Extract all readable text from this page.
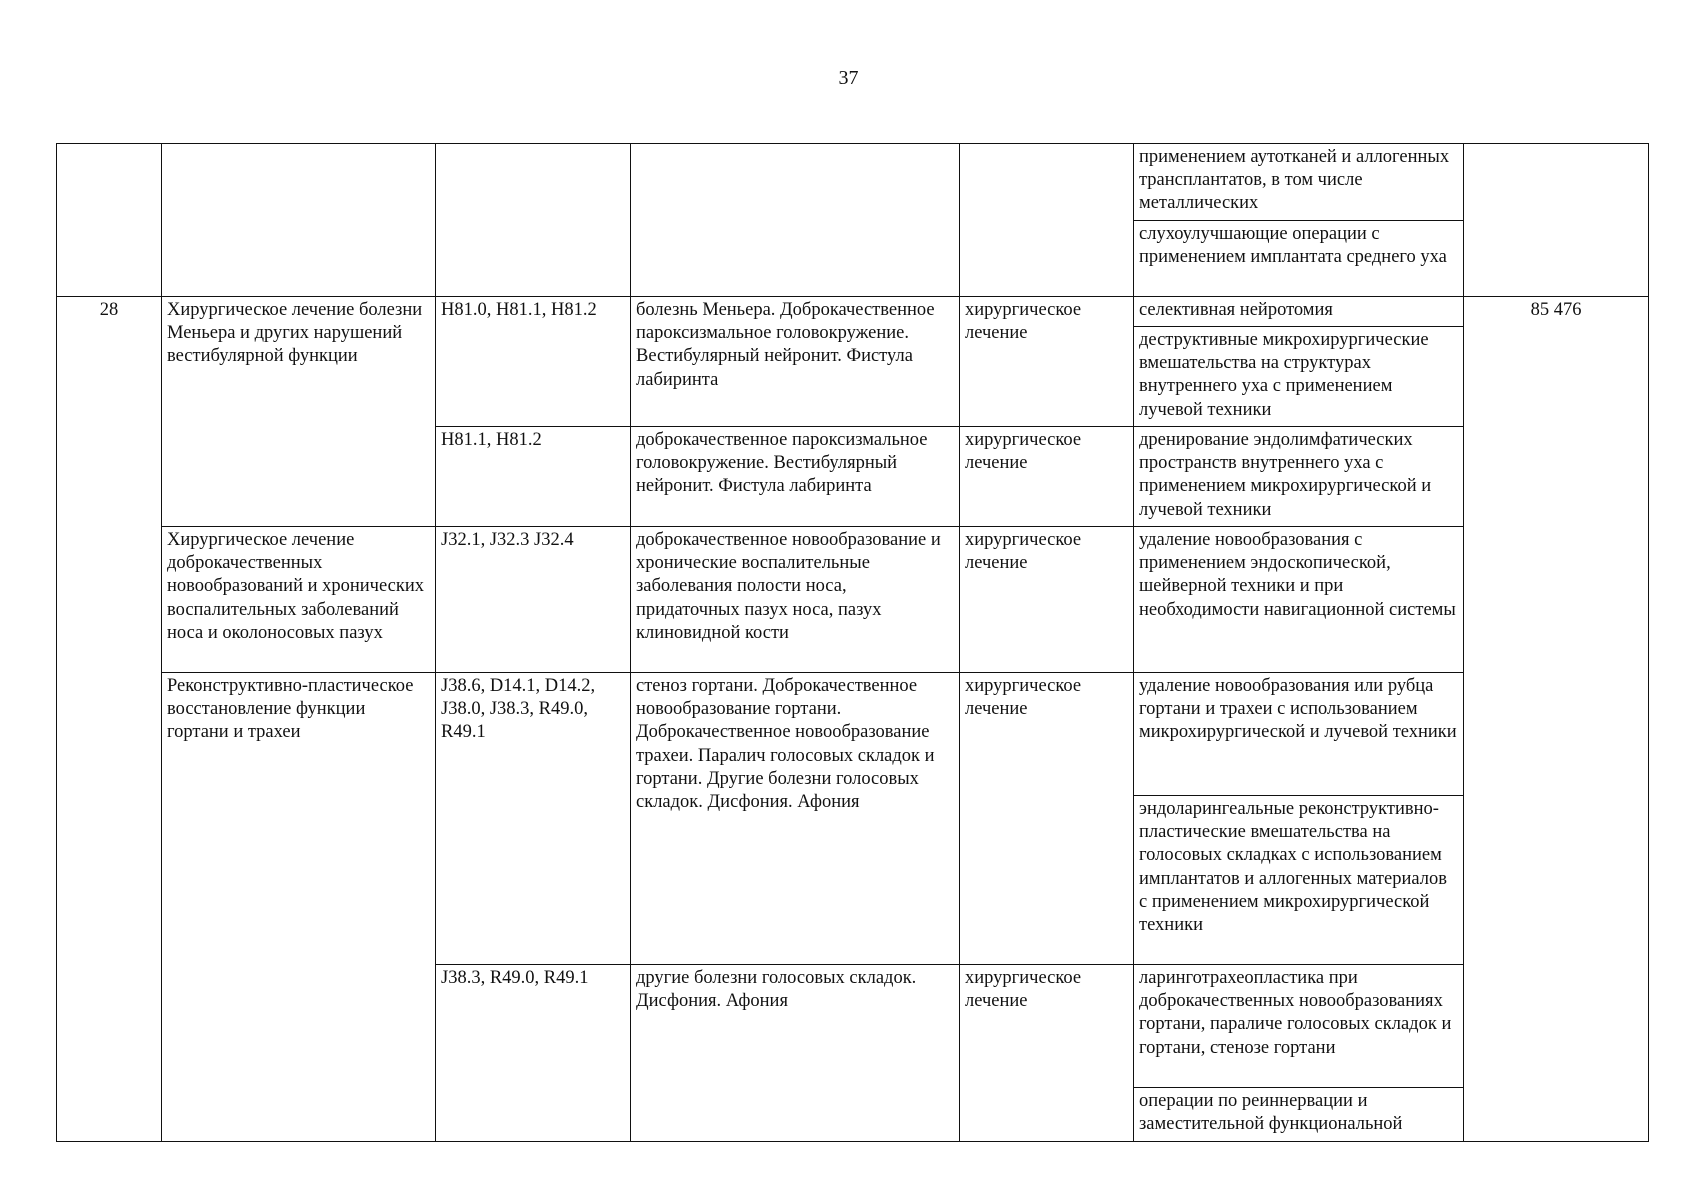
37
					применением аутотканей и аллогенных трансплантатов, в том числе металлических	
					слухоулучшающие операции с применением имплантата среднего уха	
28	Хирургическое лечение болезни Меньера и других нарушений вестибулярной функции	H81.0, H81.1, H81.2	болезнь Меньера. Доброкачественное пароксизмальное головокружение. Вестибулярный нейронит. Фистула лабиринта	хирургическое лечение	селективная нейротомия	85 476
					деструктивные микрохирургические вмешательства на структурах внутреннего уха с применением лучевой техники	
		H81.1, H81.2	доброкачественное пароксизмальное головокружение. Вестибулярный нейронит. Фистула лабиринта	хирургическое лечение	дренирование эндолимфатических пространств внутреннего уха с применением микрохирургической и лучевой техники	
	Хирургическое лечение доброкачественных новообразований и хронических воспалительных заболеваний носа и околоносовых пазух	J32.1, J32.3 J32.4	доброкачественное новообразование и хронические воспалительные заболевания полости носа, придаточных пазух носа, пазух клиновидной кости	хирургическое лечение	удаление новообразования с применением эндоскопической, шейверной техники и при необходимости навигационной системы	
	Реконструктивно-пластическое восстановление функции гортани и трахеи	J38.6, D14.1, D14.2, J38.0, J38.3, R49.0, R49.1	стеноз гортани. Доброкачественное новообразование гортани. Доброкачественное новообразование трахеи. Паралич голосовых складок и гортани. Другие болезни голосовых складок. Дисфония. Афония	хирургическое лечение	удаление новообразования или рубца гортани и трахеи с использованием микрохирургической и лучевой техники	
					эндоларингеальные реконструктивно-пластические вмешательства на голосовых складках с использованием имплантатов и аллогенных материалов с применением микрохирургической техники	
		J38.3, R49.0, R49.1	другие болезни голосовых складок. Дисфония. Афония	хирургическое лечение	ларинготрахеопластика при доброкачественных новообразованиях гортани, параличе голосовых складок и гортани, стенозе гортани	
					операции по реиннервации и заместительной функциональной	
